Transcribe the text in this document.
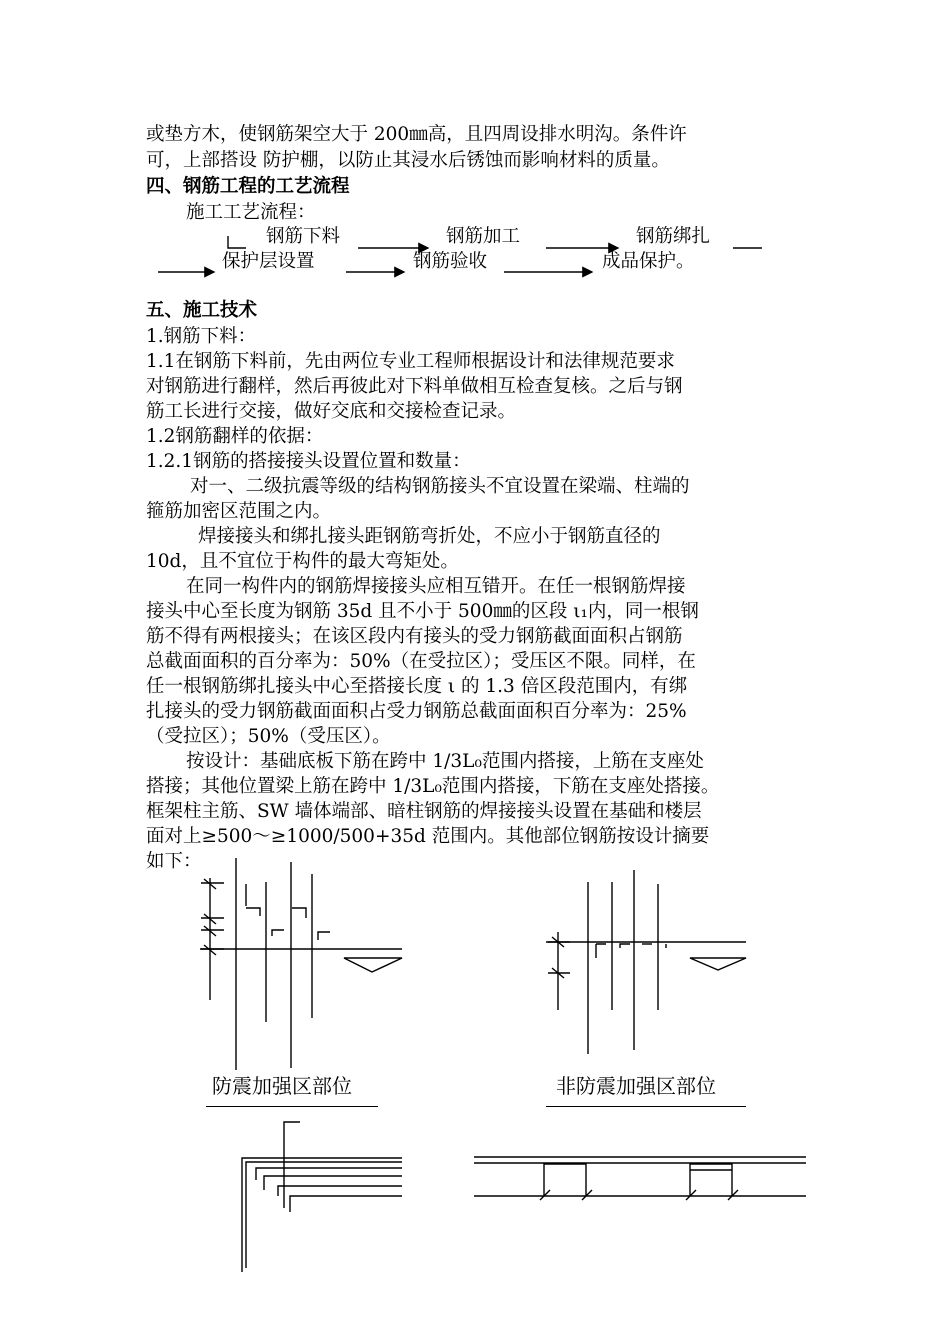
或垫方木，使钢筋架空大于 200㎜高，且四周设排水明沟。条件许
可，上部搭设 防护棚，以防止其浸水后锈蚀而影响材料的质量。
四、钢筋工程的工艺流程
施工工艺流程：
钢筋下料	钢筋加工	钢筋绑扎
保护层设置	钢筋验收	成品保护。
五、施工技术
1.钢筋下料：
1.1在钢筋下料前，先由两位专业工程师根据设计和法律规范要求
对钢筋进行翻样，然后再彼此对下料单做相互检查复核。之后与钢
筋工长进行交接，做好交底和交接检查记录。
1.2钢筋翻样的依据：
1.2.1钢筋的搭接接头设置位置和数量：
对一、二级抗震等级的结构钢筋接头不宜设置在梁端、柱端的
箍筋加密区范围之内。
焊接接头和绑扎接头距钢筋弯折处，不应小于钢筋直径的
10d，且不宜位于构件的最大弯矩处。
在同一构件内的钢筋焊接接头应相互错开。在任一根钢筋焊接
接头中心至长度为钢筋 35d 且不小于 500㎜的区段 ι₁内，同一根钢
筋不得有两根接头；在该区段内有接头的受力钢筋截面面积占钢筋
总截面面积的百分率为：50%（在受拉区）；受压区不限。同样，在
任一根钢筋绑扎接头中心至搭接长度 ι 的 1.3 倍区段范围内，有绑
扎接头的受力钢筋截面面积占受力钢筋总截面面积百分率为：25%
（受拉区）；50%（受压区）。
按设计：基础底板下筋在跨中 1/3L₀范围内搭接，上筋在支座处
搭接；其他位置梁上筋在跨中 1/3L₀范围内搭接，下筋在支座处搭接。
框架柱主筋、SW 墙体端部、暗柱钢筋的焊接接头设置在基础和楼层
面对上≥500～≥1000/500+35d 范围内。其他部位钢筋按设计摘要
如下：
防震加强区部位	非防震加强区部位
